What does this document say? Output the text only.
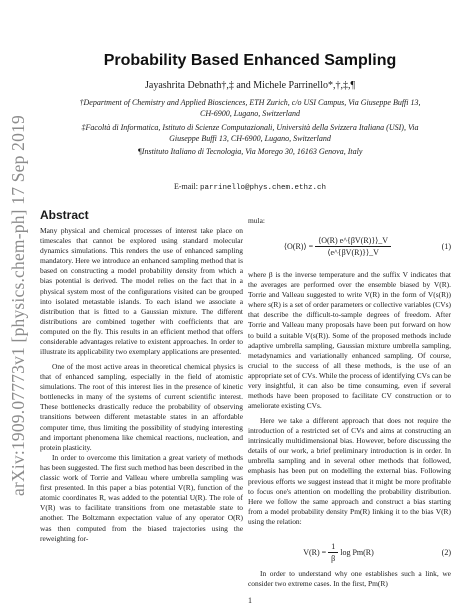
arXiv:1909.07773v1 [physics.chem-ph] 17 Sep 2019
Probability Based Enhanced Sampling
Jayashrita Debnath†,‡ and Michele Parrinello*,†,‡,¶
†Department of Chemistry and Applied Biosciences, ETH Zurich, c/o USI Campus, Via Giuseppe Buffi 13,
CH-6900, Lugano, Switzerland
‡Facoltà di Informatica, Istituto di Scienze Computazionali, Università della Svizzera Italiana (USI), Via
Giuseppe Buffi 13, CH-6900, Lugano, Switzerland
¶Instituto Italiano di Tecnologia, Via Morego 30, 16163 Genova, Italy
E-mail: parrinello@phys.chem.ethz.ch
Abstract

Many physical and chemical processes of interest take place on timescales that cannot be explored using standard molecular dynamics simulations. This renders the use of enhanced sampling mandatory. Here we introduce an enhanced sampling method that is based on constructing a model probability density from which a bias potential is derived. The model relies on the fact that in a physical system most of the configurations visited can be grouped into isolated metastable islands. To each island we associate a distribution that is fitted to a Gaussian mixture. The different distributions are combined together with coefficients that are computed on the fly. This results in an efficient method that offers considerable advantages relative to existent approaches. In order to illustrate its applicability two exemplary applications are presented.

One of the most active areas in theoretical chemical physics is that of enhanced sampling, especially in the field of atomistic simulations. The root of this interest lies in the presence of kinetic bottlenecks in many of the systems of current scientific interest. These bottlenecks drastically reduce the probability of observing transitions between different metastable states in an affordable computer time, thus limiting the possibility of studying interesting and important phenomena like chemical reactions, nucleation, and protein plasticity.

In order to overcome this limitation a great variety of methods has been suggested. The first such method has been described in the classic work of Torrie and Valleau where umbrella sampling was first presented. In this paper a bias potential V(R), function of the atomic coordinates R, was added to the potential U(R). The role of V(R) was to facilitate transitions from one metastable state to another. The Boltzmann expectation value of any operator O(R) was then computed from the biased trajectories using the reweighting for-

mula:
⟨O(R)⟩ = $\frac{⟨O(R) e\^{}\{\beta V(R)\}⟩\_V}{⟨e\^{}\{\beta V(R)\}⟩\_V}$	(1)

where β is the inverse temperature and the suffix V indicates that the averages are performed over the ensemble biased by V(R). Torrie and Valleau suggested to write V(R) in the form of V(s(R)) where s(R) is a set of order parameters or collective variables (CVs) that describe the difficult-to-sample degrees of freedom. After Torrie and Valleau many proposals have been put forward on how to build a suitable V(s(R)). Some of the proposed methods include adaptive umbrella sampling, Gaussian mixture umbrella sampling, metadynamics and variationally enhanced sampling. Of course, crucial to the success of all these methods, is the use of an appropriate set of CVs. While the process of identifying CVs can be very insightful, it can also be time consuming, even if several methods have been proposed to facilitate CV construction or to ameliorate existing CVs.

Here we take a different approach that does not require the introduction of a restricted set of CVs and aims at constructing an intrinsically multidimensional bias. However, before discussing the details of our work, a brief preliminary introduction is in order. In umbrella sampling and in several other methods that followed, emphasis has been put on modelling the external bias. Following previous efforts we suggest instead that it might be more profitable to focus one's attention on modelling the probability distribution. Here we follow the same approach and construct a bias starting from a model probability density Pm(R) linking it to the bias V(R) using the relation:

$V(R) = \frac{1}{\beta}$ log Pm(R)	(2)

In order to understand why one establishes such a link, we consider two extreme cases. In the first, Pm(R)

1
